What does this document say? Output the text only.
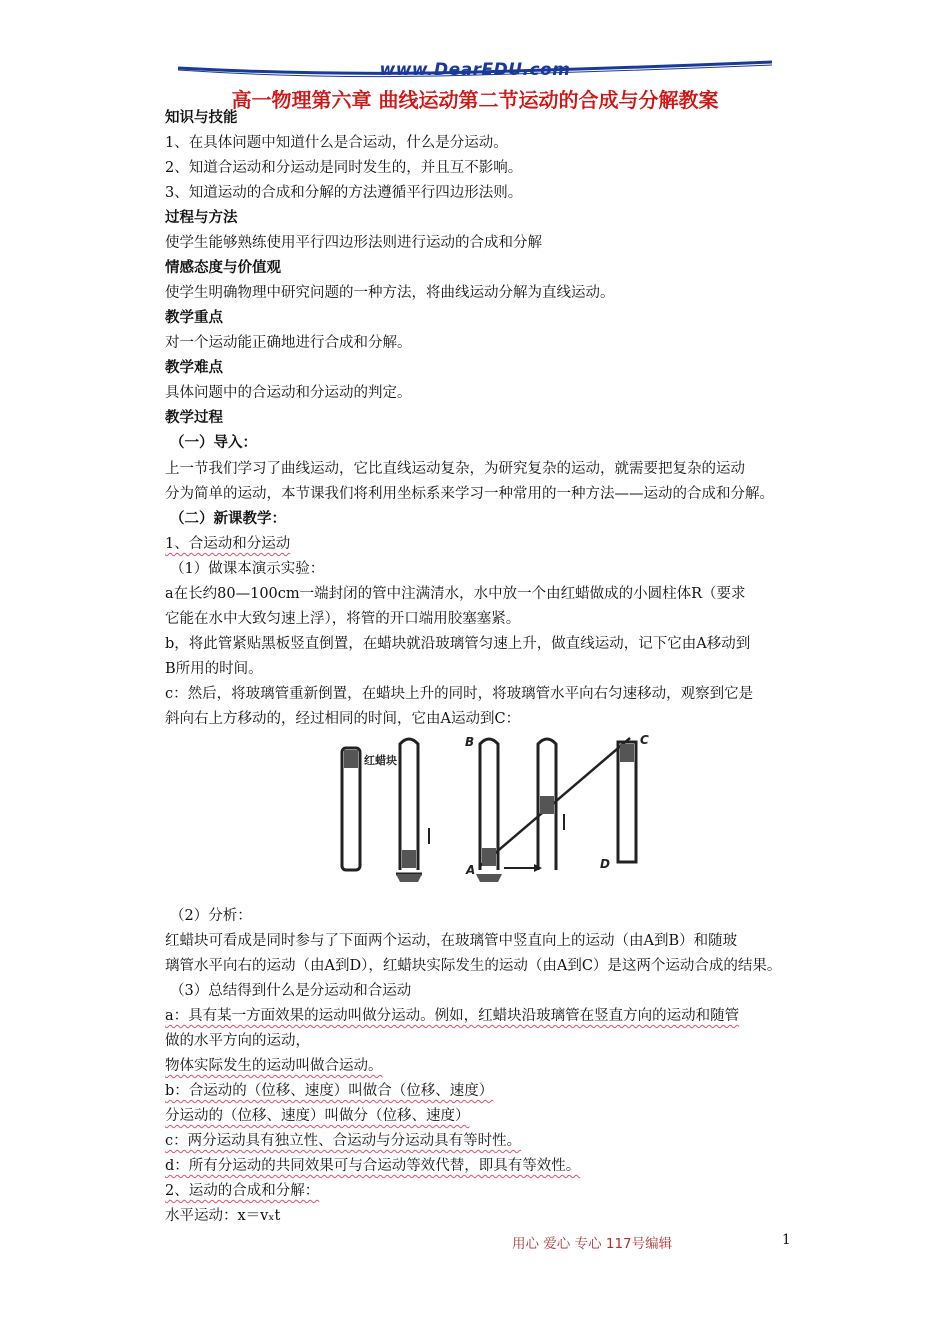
www.DearEDU.com
高一物理第六章 曲线运动第二节运动的合成与分解教案
知识与技能
1、在具体问题中知道什么是合运动，什么是分运动。
2、知道合运动和分运动是同时发生的，并且互不影响。
3、知道运动的合成和分解的方法遵循平行四边形法则。
过程与方法
使学生能够熟练使用平行四边形法则进行运动的合成和分解
情感态度与价值观
使学生明确物理中研究问题的一种方法，将曲线运动分解为直线运动。
教学重点
对一个运动能正确地进行合成和分解。
教学难点
具体问题中的合运动和分运动的判定。
教学过程
（一）导入：
上一节我们学习了曲线运动，它比直线运动复杂，为研究复杂的运动，就需要把复杂的运动
分为简单的运动，本节课我们将利用坐标系来学习一种常用的一种方法——运动的合成和分解。
（二）新课教学：
1、合运动和分运动
（1）做课本演示实验：
a在长约80—100cm一端封闭的管中注满清水，水中放一个由红蜡做成的小圆柱体R（要求
它能在水中大致匀速上浮），将管的开口端用胶塞塞紧。
b，将此管紧贴黑板竖直倒置，在蜡块就沿玻璃管匀速上升，做直线运动，记下它由A移动到
B所用的时间。
c：然后，将玻璃管重新倒置，在蜡块上升的同时，将玻璃管水平向右匀速移动，观察到它是
斜向右上方移动的，经过相同的时间，它由A运动到C：
红蜡块
B
A
C
D
（2）分析：
红蜡块可看成是同时参与了下面两个运动，在玻璃管中竖直向上的运动（由A到B）和随玻
璃管水平向右的运动（由A到D），红蜡块实际发生的运动（由A到C）是这两个运动合成的结果。
（3）总结得到什么是分运动和合运动
a：具有某一方面效果的运动叫做分运动。例如，红蜡块沿玻璃管在竖直方向的运动和随管
做的水平方向的运动，
物体实际发生的运动叫做合运动。
b：合运动的（位移、速度）叫做合（位移、速度）
分运动的（位移、速度）叫做分（位移、速度）
c：两分运动具有独立性、合运动与分运动具有等时性。
d：所有分运动的共同效果可与合运动等效代替，即具有等效性。
2、运动的合成和分解：
水平运动：x＝vₓt
用心 爱心 专心 117号编辑	1
